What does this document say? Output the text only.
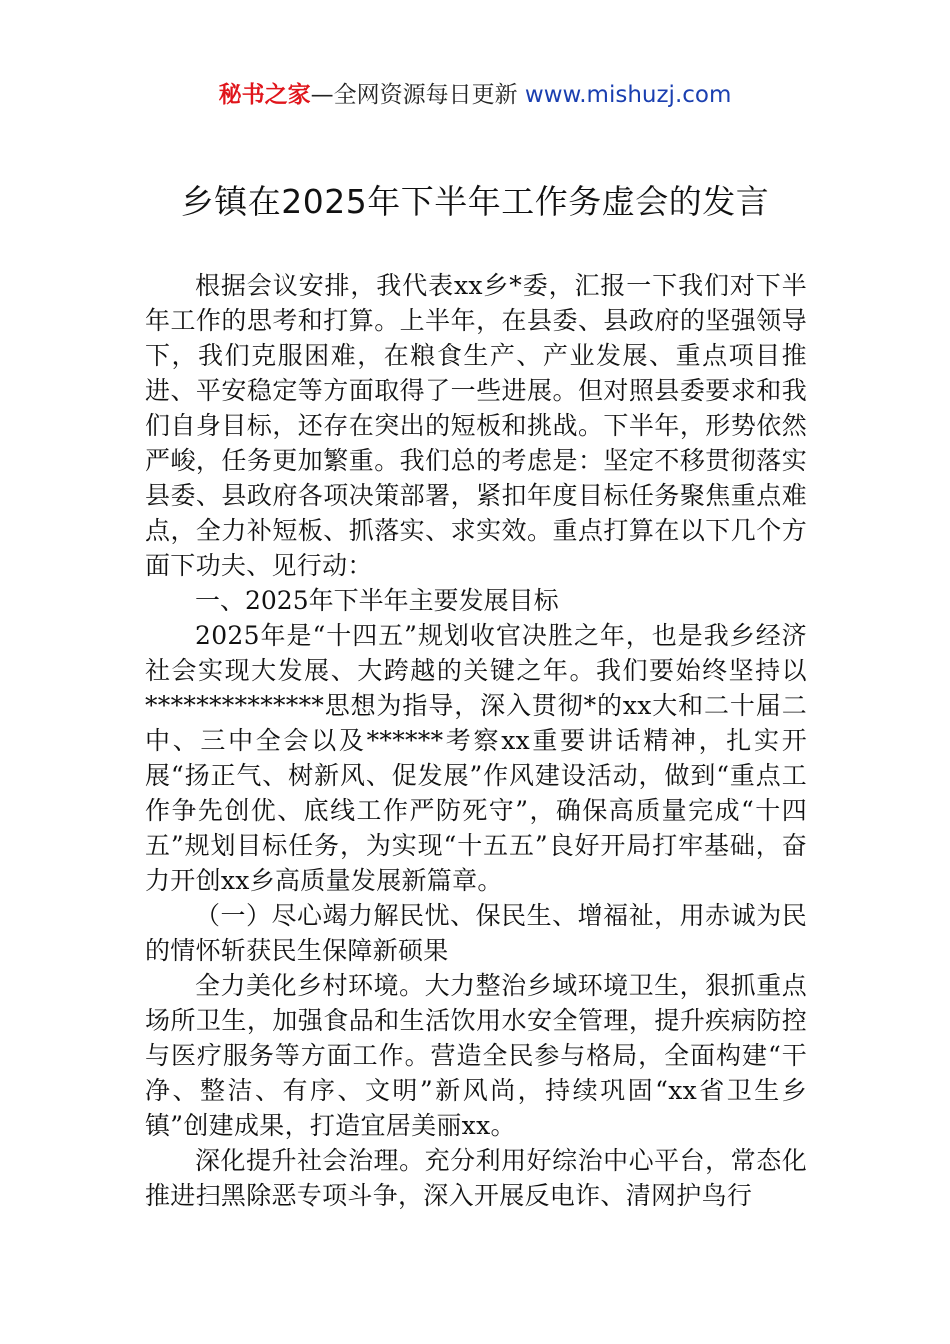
秘书之家—全网资源每日更新 www.mishuzj.com
乡镇在2025年下半年工作务虚会的发言

根据会议安排，我代表xx乡*委，汇报一下我们对下半年工作的思考和打算。上半年，在县委、县政府的坚强领导下，我们克服困难，在粮食生产、产业发展、重点项目推进、平安稳定等方面取得了一些进展。但对照县委要求和我们自身目标，还存在突出的短板和挑战。下半年，形势依然严峻，任务更加繁重。我们总的考虑是：坚定不移贯彻落实县委、县政府各项决策部署，紧扣年度目标任务聚焦重点难点，全力补短板、抓落实、求实效。重点打算在以下几个方面下功夫、见行动：

一、2025年下半年主要发展目标

2025年是“十四五”规划收官决胜之年，也是我乡经济社会实现大发展、大跨越的关键之年。我们要始终坚持以**************思想为指导，深入贯彻*的xx大和二十届二中、三中全会以及******考察xx重要讲话精神，扎实开展“扬正气、树新风、促发展”作风建设活动，做到“重点工作争先创优、底线工作严防死守”，确保高质量完成“十四五”规划目标任务，为实现“十五五”良好开局打牢基础，奋力开创xx乡高质量发展新篇章。

（一）尽心竭力解民忧、保民生、增福祉，用赤诚为民的情怀斩获民生保障新硕果

全力美化乡村环境。大力整治乡域环境卫生，狠抓重点场所卫生，加强食品和生活饮用水安全管理，提升疾病防控与医疗服务等方面工作。营造全民参与格局，全面构建“干净、整洁、有序、文明”新风尚，持续巩固“xx省卫生乡镇”创建成果，打造宜居美丽xx。

深化提升社会治理。充分利用好综治中心平台，常态化推进扫黑除恶专项斗争，深入开展反电诈、清网护鸟行
